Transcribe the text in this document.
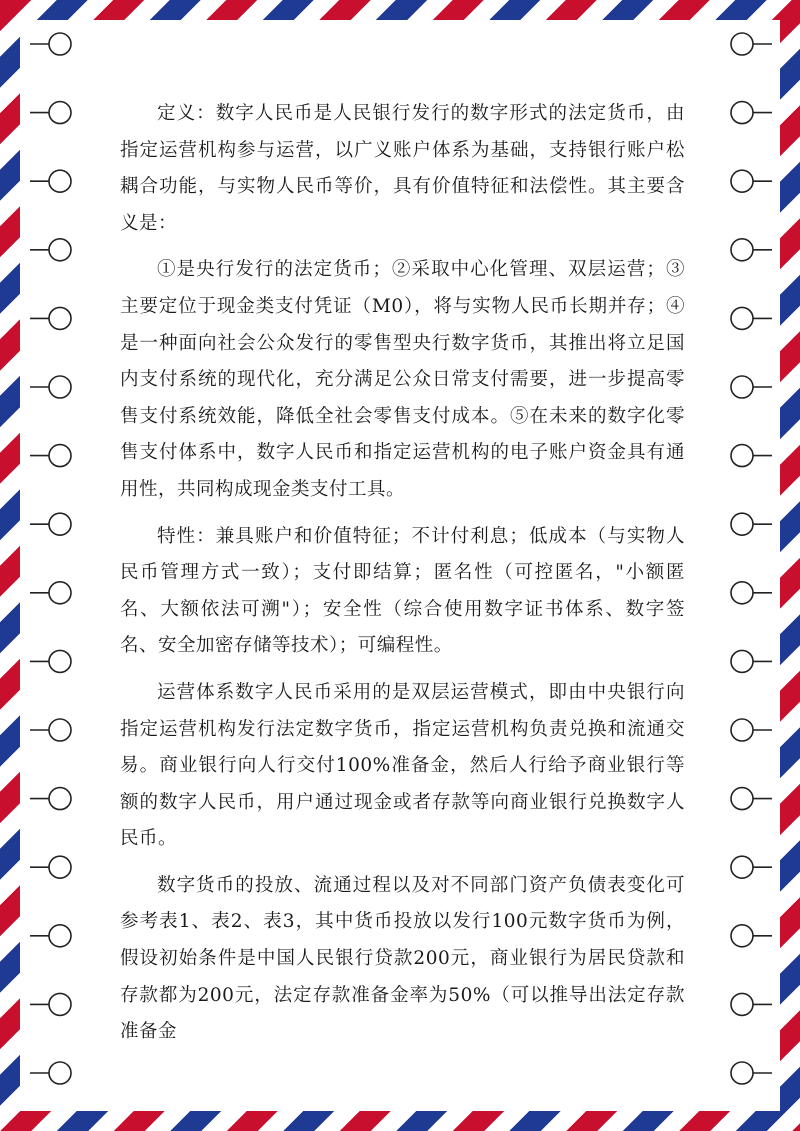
定义：数字人民币是人民银行发行的数字形式的法定货币，由指定运营机构参与运营，以广义账户体系为基础，支持银行账户松耦合功能，与实物人民币等价，具有价值特征和法偿性。其主要含义是：

①是央行发行的法定货币；②采取中心化管理、双层运营；③主要定位于现金类支付凭证（M0），将与实物人民币长期并存；④是一种面向社会公众发行的零售型央行数字货币，其推出将立足国内支付系统的现代化，充分满足公众日常支付需要，进一步提高零售支付系统效能，降低全社会零售支付成本。⑤在未来的数字化零售支付体系中，数字人民币和指定运营机构的电子账户资金具有通用性，共同构成现金类支付工具。

特性：兼具账户和价值特征；不计付利息；低成本（与实物人民币管理方式一致）；支付即结算；匿名性（可控匿名，"小额匿名、大额依法可溯"）；安全性（综合使用数字证书体系、数字签名、安全加密存储等技术）；可编程性。

运营体系数字人民币采用的是双层运营模式，即由中央银行向指定运营机构发行法定数字货币，指定运营机构负责兑换和流通交易。商业银行向人行交付100%准备金，然后人行给予商业银行等额的数字人民币，用户通过现金或者存款等向商业银行兑换数字人民币。

数字货币的投放、流通过程以及对不同部门资产负债表变化可参考表1、表2、表3，其中货币投放以发行100元数字货币为例，假设初始条件是中国人民银行贷款200元，商业银行为居民贷款和存款都为200元，法定存款准备金率为50%（可以推导出法定存款准备金
